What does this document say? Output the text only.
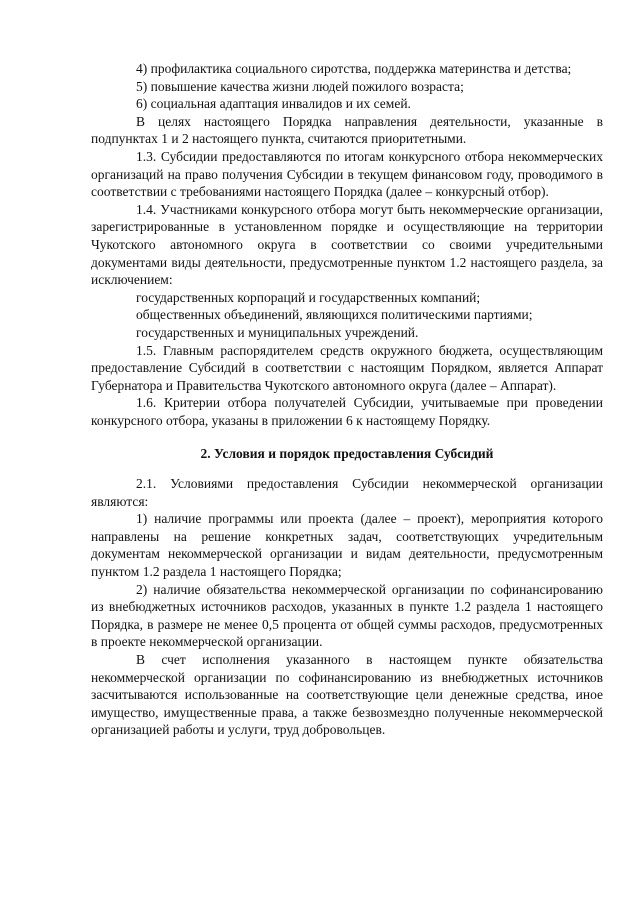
4) профилактика социального сиротства, поддержка материнства и детства;

5) повышение качества жизни людей пожилого возраста;

6) социальная адаптация инвалидов и их семей.

В целях настоящего Порядка направления деятельности, указанные в подпунктах 1 и 2 настоящего пункта, считаются приоритетными.

1.3. Субсидии предоставляются по итогам конкурсного отбора некоммерческих организаций на право получения Субсидии в текущем финансовом году, проводимого в соответствии с требованиями настоящего Порядка (далее – конкурсный отбор).

1.4. Участниками конкурсного отбора могут быть некоммерческие организации, зарегистрированные в установленном порядке и осуществляющие на территории Чукотского автономного округа в соответствии со своими учредительными документами виды деятельности, предусмотренные пунктом 1.2 настоящего раздела, за исключением:

государственных корпораций и государственных компаний;

общественных объединений, являющихся политическими партиями;

государственных и муниципальных учреждений.

1.5. Главным распорядителем средств окружного бюджета, осуществляющим предоставление Субсидий в соответствии с настоящим Порядком, является Аппарат Губернатора и Правительства Чукотского автономного округа (далее – Аппарат).

1.6. Критерии отбора получателей Субсидии, учитываемые при проведении конкурсного отбора, указаны в приложении 6 к настоящему Порядку.

2. Условия и порядок предоставления Субсидий

2.1. Условиями предоставления Субсидии некоммерческой организации являются:

1) наличие программы или проекта (далее – проект), мероприятия которого направлены на решение конкретных задач, соответствующих учредительным документам некоммерческой организации и видам деятельности, предусмотренным пунктом 1.2 раздела 1 настоящего Порядка;

2) наличие обязательства некоммерческой организации по софинансированию из внебюджетных источников расходов, указанных в пункте 1.2 раздела 1 настоящего Порядка, в размере не менее 0,5 процента от общей суммы расходов, предусмотренных в проекте некоммерческой организации.

В счет исполнения указанного в настоящем пункте обязательства некоммерческой организации по софинансированию из внебюджетных источников засчитываются использованные на соответствующие цели денежные средства, иное имущество, имущественные права, а также безвозмездно полученные некоммерческой организацией работы и услуги, труд добровольцев.
